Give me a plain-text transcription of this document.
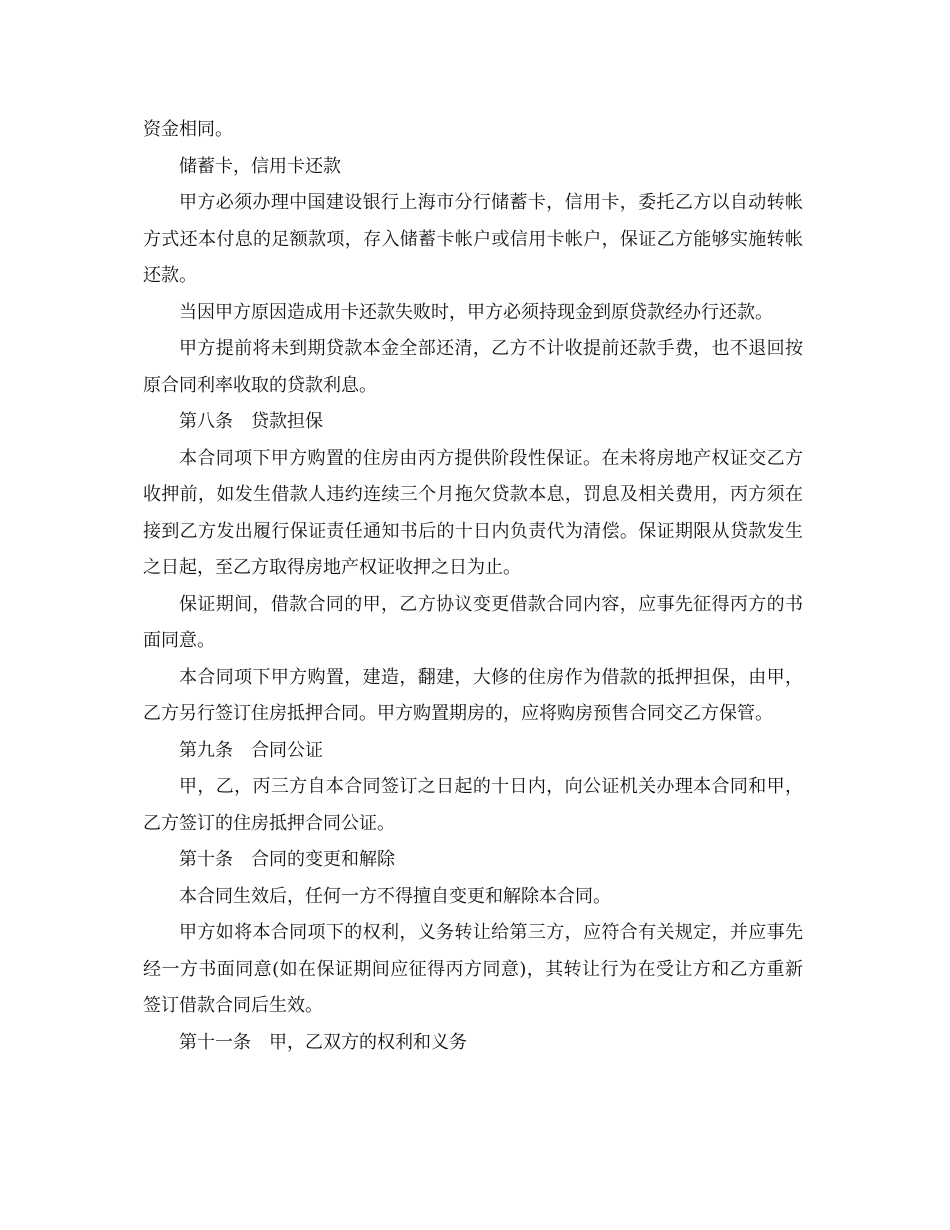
资金相同。

储蓄卡，信用卡还款

甲方必须办理中国建设银行上海市分行储蓄卡，信用卡，委托乙方以自动转帐方式还本付息的足额款项，存入储蓄卡帐户或信用卡帐户，保证乙方能够实施转帐还款。

当因甲方原因造成用卡还款失败时，甲方必须持现金到原贷款经办行还款。

甲方提前将未到期贷款本金全部还清，乙方不计收提前还款手费，也不退回按原合同利率收取的贷款利息。

第八条　贷款担保

本合同项下甲方购置的住房由丙方提供阶段性保证。在未将房地产权证交乙方收押前，如发生借款人违约连续三个月拖欠贷款本息，罚息及相关费用，丙方须在接到乙方发出履行保证责任通知书后的十日内负责代为清偿。保证期限从贷款发生之日起，至乙方取得房地产权证收押之日为止。

保证期间，借款合同的甲，乙方协议变更借款合同内容，应事先征得丙方的书面同意。

本合同项下甲方购置，建造，翻建，大修的住房作为借款的抵押担保，由甲，乙方另行签订住房抵押合同。甲方购置期房的，应将购房预售合同交乙方保管。

第九条　合同公证

甲，乙，丙三方自本合同签订之日起的十日内，向公证机关办理本合同和甲，乙方签订的住房抵押合同公证。

第十条　合同的变更和解除

本合同生效后，任何一方不得擅自变更和解除本合同。

甲方如将本合同项下的权利，义务转让给第三方，应符合有关规定，并应事先经一方书面同意(如在保证期间应征得丙方同意)，其转让行为在受让方和乙方重新签订借款合同后生效。

第十一条　甲，乙双方的权利和义务
